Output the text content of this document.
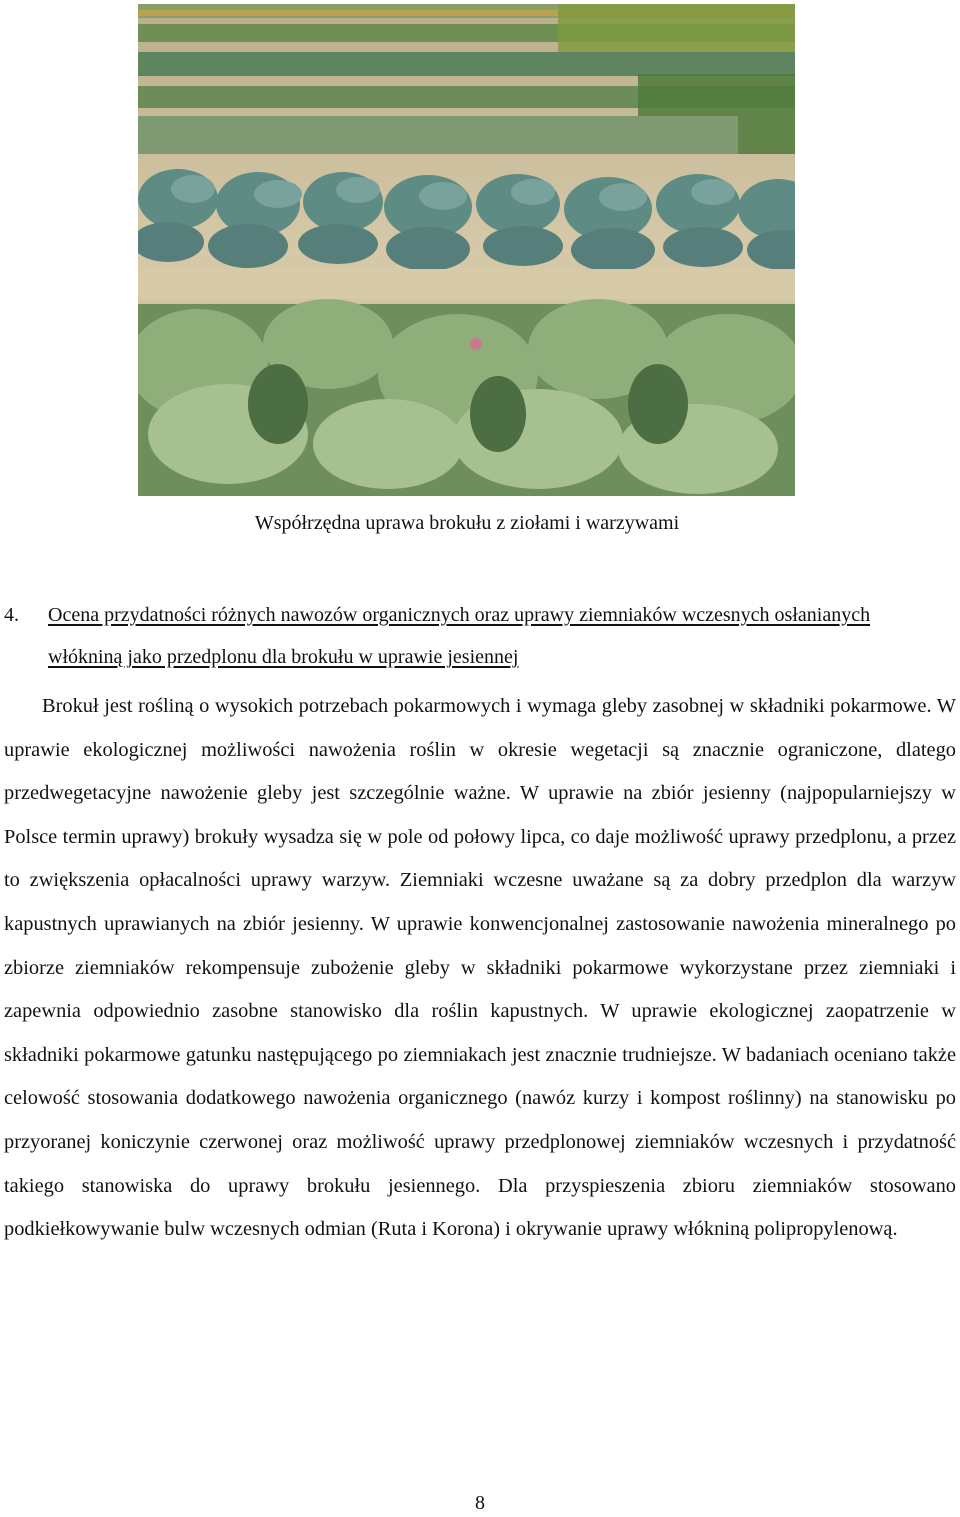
Współrzędna uprawa brokułu z ziołami i warzywami
4. Ocena przydatności różnych nawozów organicznych oraz uprawy ziemniaków wczesnych osłanianych włókniną jako przedplonu dla brokułu w uprawie jesiennej

Brokuł jest rośliną o wysokich potrzebach pokarmowych i wymaga gleby zasobnej w składniki pokarmowe. W uprawie ekologicznej możliwości nawożenia roślin w okresie wegetacji są znacznie ograniczone, dlatego przedwegetacyjne nawożenie gleby jest szczególnie ważne. W uprawie na zbiór jesienny (najpopularniejszy w Polsce termin uprawy) brokuły wysadza się w pole od połowy lipca, co daje możliwość uprawy przedplonu, a przez to zwiększenia opłacalności uprawy warzyw. Ziemniaki wczesne uważane są za dobry przedplon dla warzyw kapustnych uprawianych na zbiór jesienny. W uprawie konwencjonalnej zastosowanie nawożenia mineralnego po zbiorze ziemniaków rekompensuje zubożenie gleby w składniki pokarmowe wykorzystane przez ziemniaki i zapewnia odpowiednio zasobne stanowisko dla roślin kapustnych. W uprawie ekologicznej zaopatrzenie w składniki pokarmowe gatunku następującego po ziemniakach jest znacznie trudniejsze. W badaniach oceniano także celowość stosowania dodatkowego nawożenia organicznego (nawóz kurzy i kompost roślinny) na stanowisku po przyoranej koniczynie czerwonej oraz możliwość uprawy przedplonowej ziemniaków wczesnych i przydatność takiego stanowiska do uprawy brokułu jesiennego. Dla przyspieszenia zbioru ziemniaków stosowano podkiełkowywanie bulw wczesnych odmian (Ruta i Korona) i okrywanie uprawy włókniną polipropylenową.

8
